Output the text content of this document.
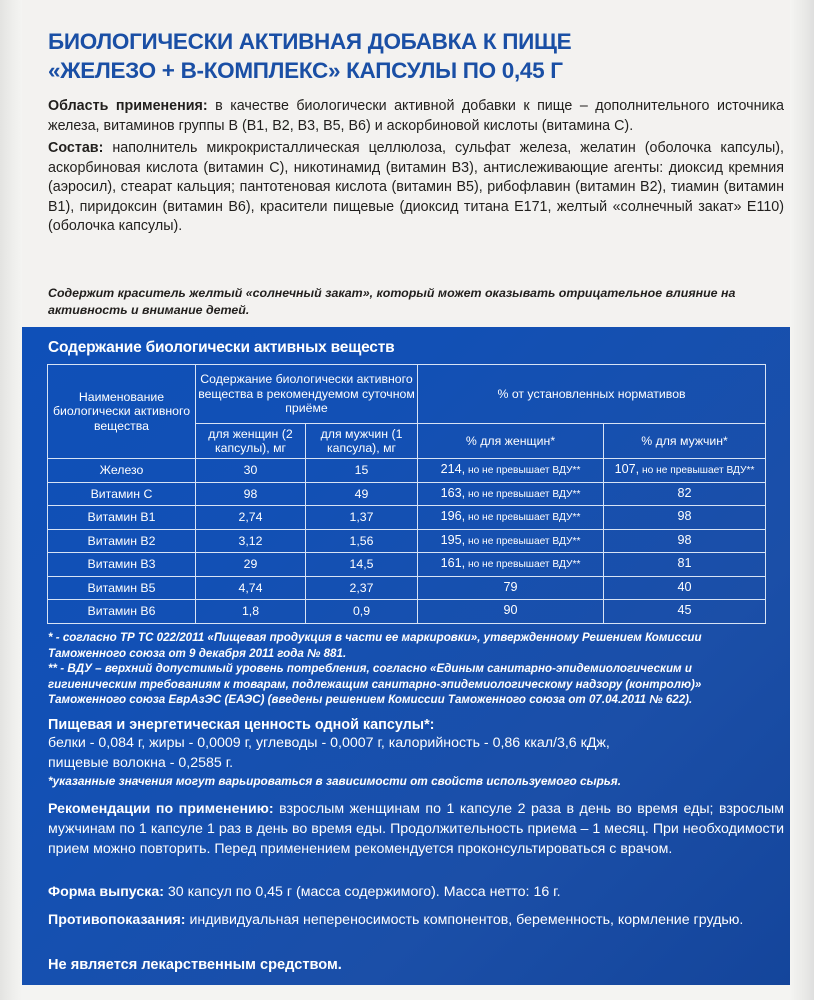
БИОЛОГИЧЕСКИ АКТИВНАЯ ДОБАВКА К ПИЩЕ
«ЖЕЛЕЗО + В-КОМПЛЕКС» КАПСУЛЫ ПО 0,45 Г

Область применения: в качестве биологически активной добавки к пище – дополнительного источника железа, витаминов группы В (В1, В2, В3, В5, В6) и аскорбиновой кислоты (витамина С).

Состав: наполнитель микрокристаллическая целлюлоза, сульфат железа, желатин (оболочка капсулы), аскорбиновая кислота (витамин С), никотинамид (витамин В3), антислеживающие агенты: диоксид кремния (аэросил), стеарат кальция; пантотеновая кислота (витамин В5), рибофлавин (витамин В2), тиамин (витамин В1), пиридоксин (витамин В6), красители пищевые (диоксид титана Е171, желтый «солнечный закат» Е110) (оболочка капсулы).

Содержит краситель желтый «солнечный закат», который может оказывать отрицательное влияние на активность и внимание детей.
Содержание биологически активных веществ
Наименование биологически активного вещества	Содержание биологически активного вещества в рекомендуемом суточном приёме		% от установленных нормативов	
	для женщин (2 капсулы), мг	для мужчин (1 капсула), мг	% для женщин*	% для мужчин*
Железо	30	15	214, но не превышает ВДУ**	107, но не превышает ВДУ**
Витамин С	98	49	163, но не превышает ВДУ**	82
Витамин В1	2,74	1,37	196, но не превышает ВДУ**	98
Витамин В2	3,12	1,56	195, но не превышает ВДУ**	98
Витамин В3	29	14,5	161, но не превышает ВДУ**	81
Витамин В5	4,74	2,37	79	40
Витамин В6	1,8	0,9	90	45

* - согласно ТР ТС 022/2011 «Пищевая продукция в части ее маркировки», утвержденному Решением Комиссии Таможенного союза от 9 декабря 2011 года № 881.

** - ВДУ – верхний допустимый уровень потребления, согласно «Единым санитарно-эпидемиологическим и гигиеническим требованиям к товарам, подлежащим санитарно-эпидемиологическому надзору (контролю)» Таможенного союза ЕврАзЭС (ЕАЭС) (введены решением Комиссии Таможенного союза от 07.04.2011 № 622).

Пищевая и энергетическая ценность одной капсулы*:
белки - 0,084 г, жиры - 0,0009 г, углеводы - 0,0007 г, калорийность - 0,86 ккал/3,6 кДж,
пищевые волокна - 0,2585 г.
*указанные значения могут варьироваться в зависимости от свойств используемого сырья.
Рекомендации по применению: взрослым женщинам по 1 капсуле 2 раза в день во время еды; взрослым мужчинам по 1 капсуле 1 раз в день во время еды. Продолжительность приема – 1 месяц. При необходимости прием можно повторить. Перед применением рекомендуется проконсультироваться с врачом.
Форма выпуска: 30 капсул по 0,45 г (масса содержимого). Масса нетто: 16 г.
Противопоказания: индивидуальная непереносимость компонентов, беременность, кормление грудью.
Не является лекарственным средством.
